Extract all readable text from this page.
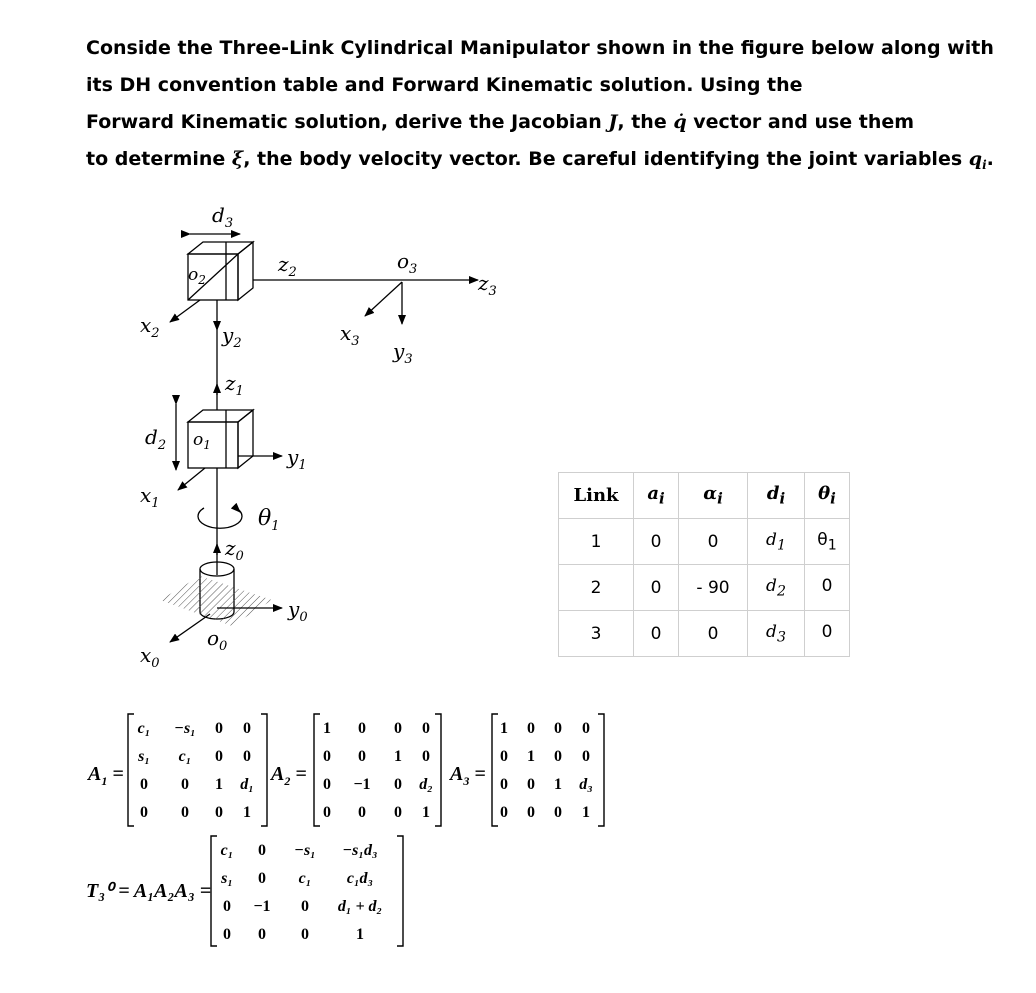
Conside the Three-Link Cylindrical Manipulator shown in the figure below along with
its DH convention table and Forward Kinematic solution. Using the
Forward Kinematic solution, derive the Jacobian J, the q̇ vector and use them
to determine ξ, the body velocity vector. Be careful identifying the joint variables $q_i$.
$d_3$
$z_2$	$o_3$
$z_3$
$o_2$
$x_2$	$y_2$	$x_3$ $y_3$
$z_1$
$d_2$ $o_1$	$y_1$
$x_1$
$\theta_1$
$z_0$
$y_0$
$o_0$
$x_0$
$A_1$ =
c₁ −s₁ 0 0
s₁ c₁ 0 0
0 0 1 d₁
0 0 0 1
$A_2$ =
1 0 0 0
0 0 1 0
0 −1 0 d₂
0 0 0 1
$A_3$ =
1 0 0 0
0 1 0 0
0 0 1 d₃
0 0 0 1
T₃⁰ = A₁A₂A₃ =
c₁ 0 −s₁ −s₁d₃
s₁ 0 c₁ c₁d₃
0 −1 0 d₁ + d₂
0 0 0	1
Link	$a_i$	$\alpha_i$	$d_i$	$\theta_i$
1	0	0	$d_1$	$\theta_1$
2	0	- 90	$d_2$	0
3	0	0	$d_3$	0
